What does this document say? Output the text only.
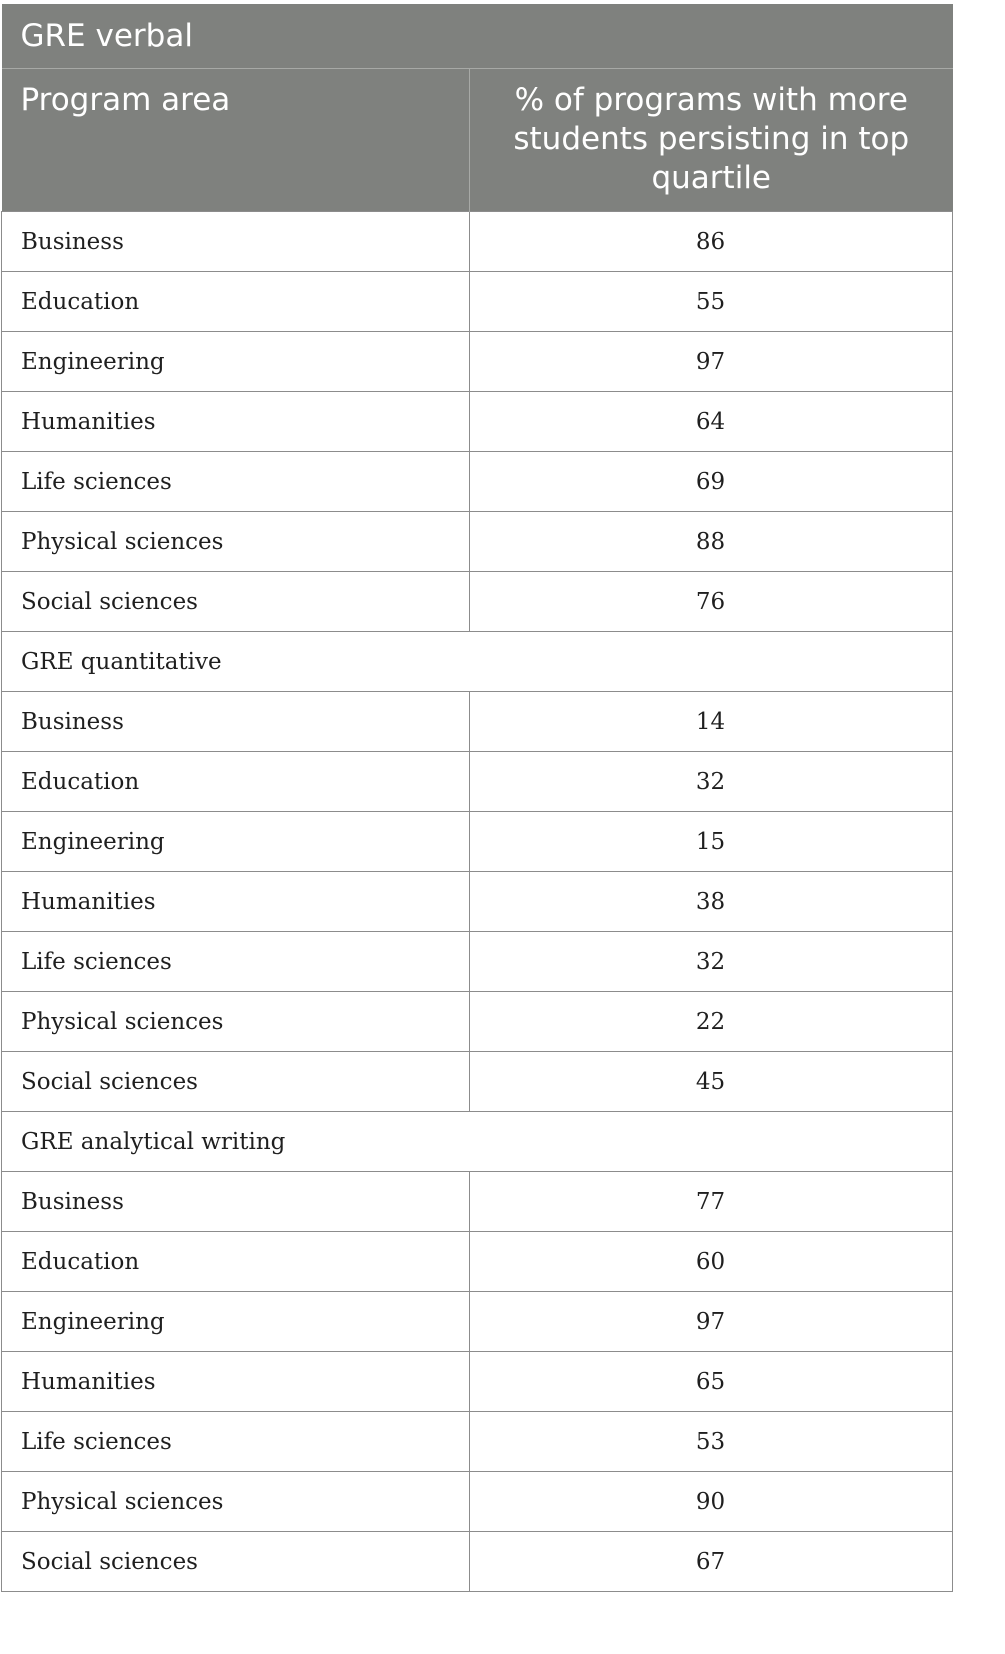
GRE verbal	
Program area	% of programs with more students persisting in top quartile
Business	86
Education	55
Engineering	97
Humanities	64
Life sciences	69
Physical sciences	88
Social sciences	76
GRE quantitative	
Business	14
Education	32
Engineering	15
Humanities	38
Life sciences	32
Physical sciences	22
Social sciences	45
GRE analytical writing	
Business	77
Education	60
Engineering	97
Humanities	65
Life sciences	53
Physical sciences	90
Social sciences	67
